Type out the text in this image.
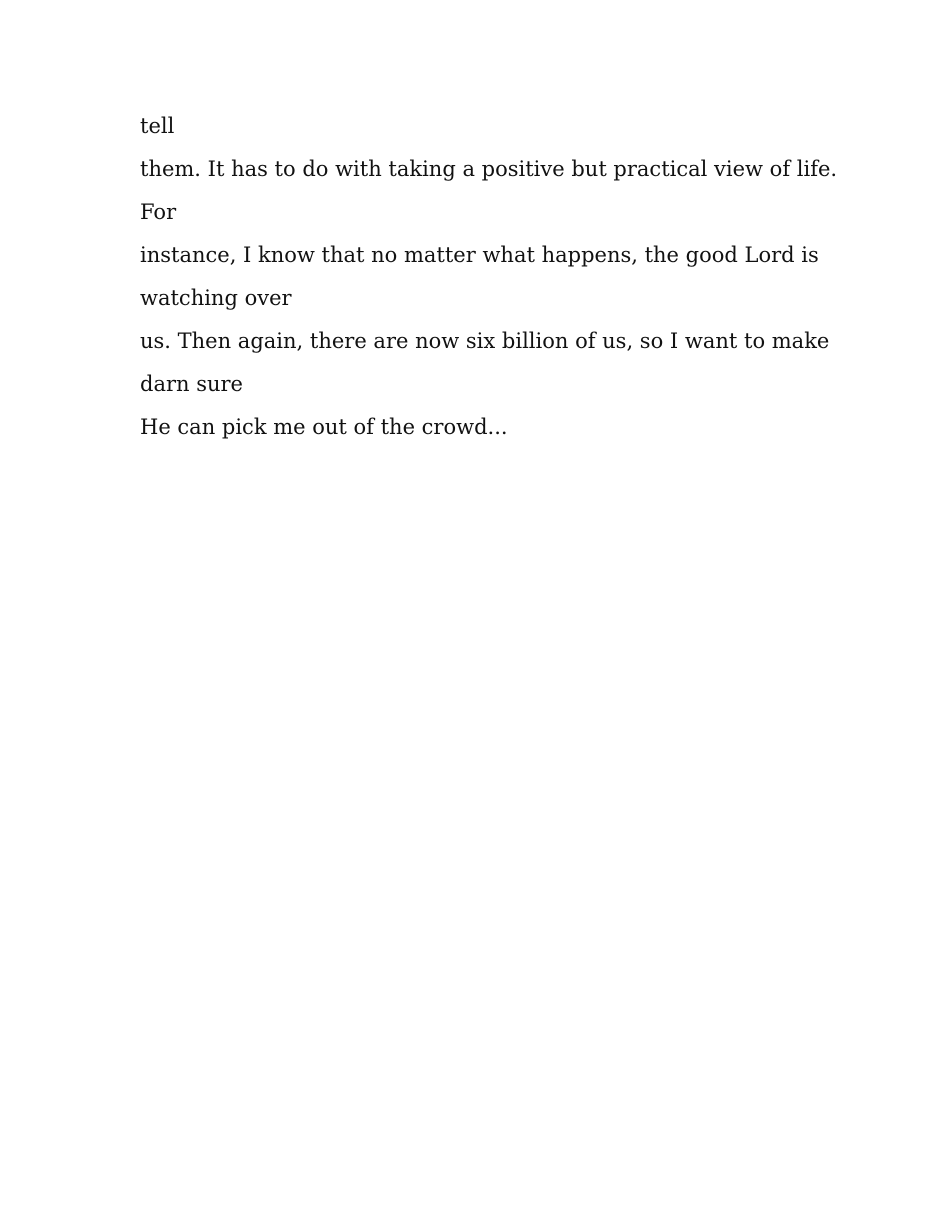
tell

them. It has to do with taking a positive but practical view of life.

For

instance, I know that no matter what happens, the good Lord is

watching over

us. Then again, there are now six billion of us, so I want to make

darn sure

He can pick me out of the crowd...
